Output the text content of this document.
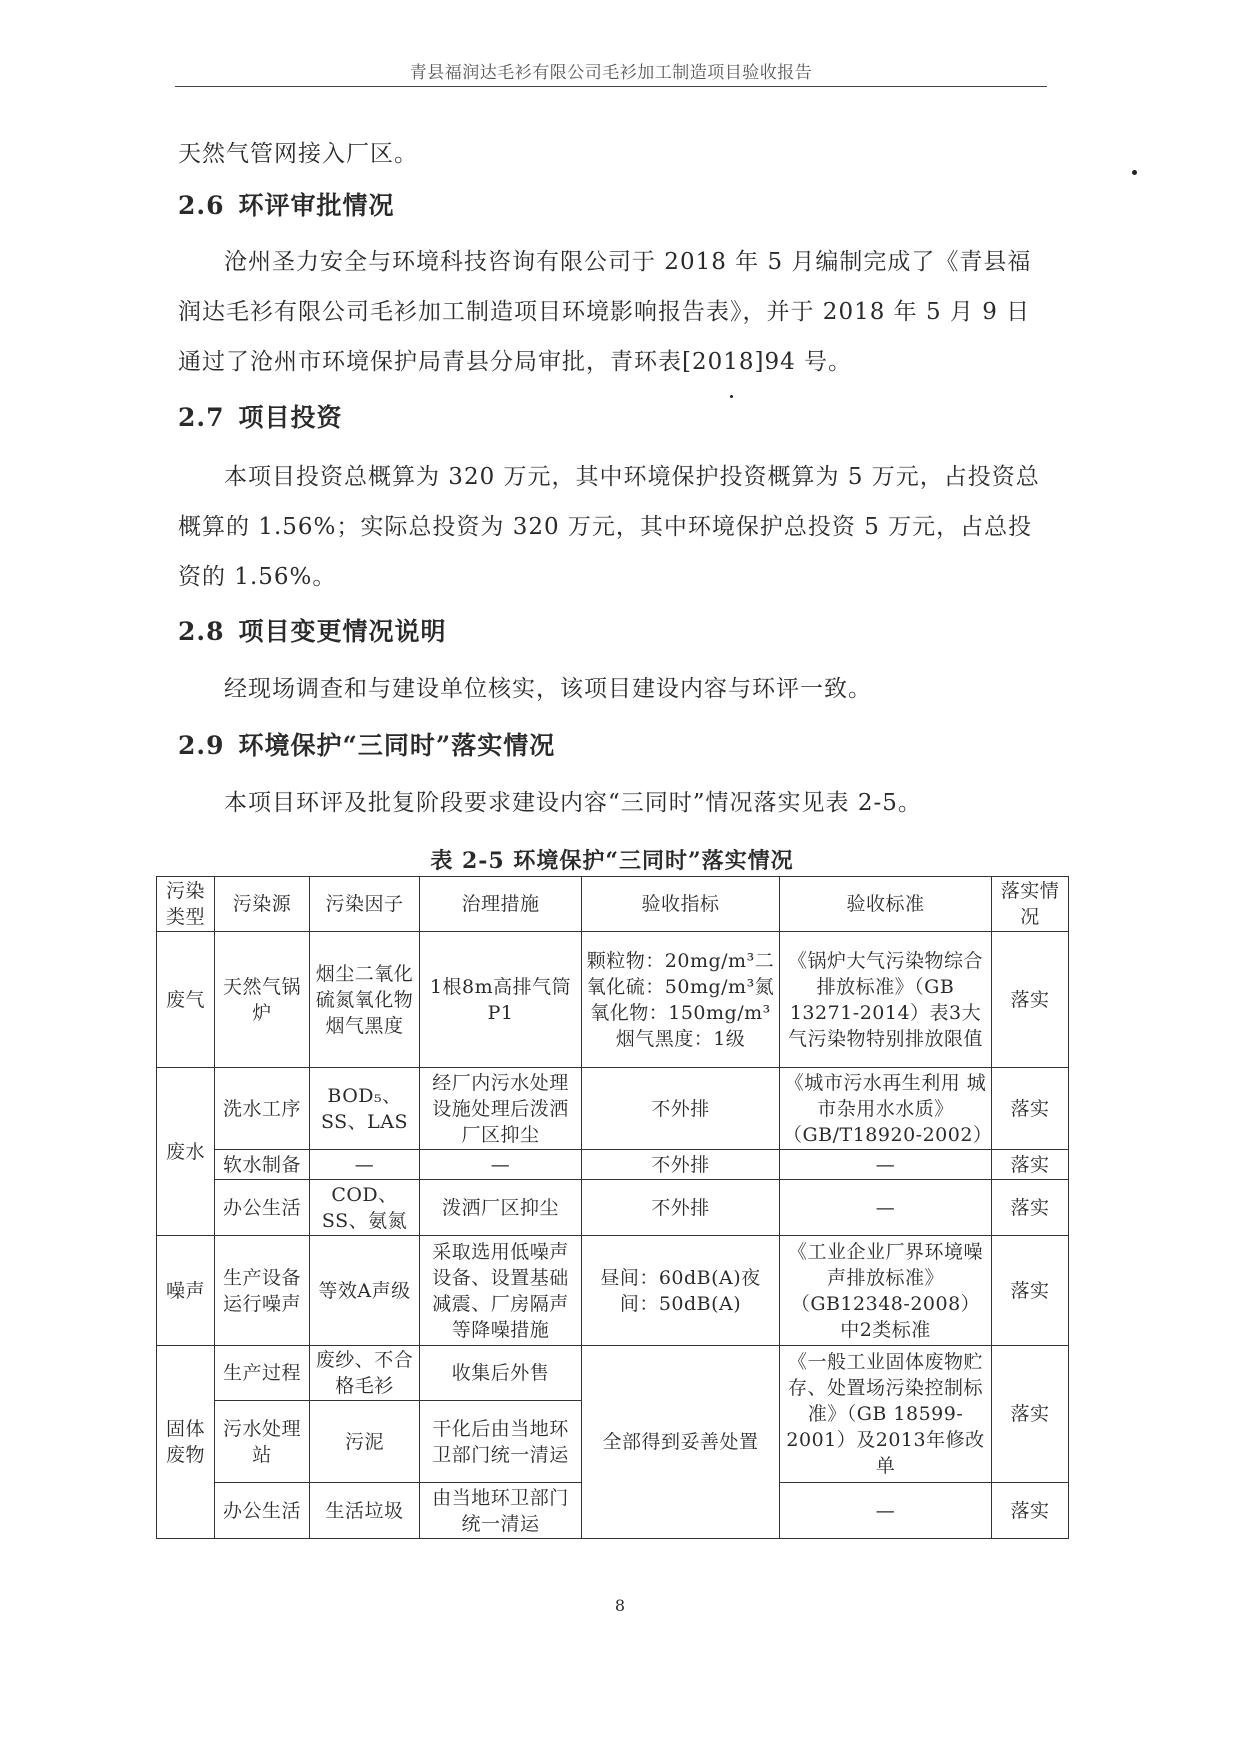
青县福润达毛衫有限公司毛衫加工制造项目验收报告

天然气管网接入厂区。

2.6 环评审批情况

沧州圣力安全与环境科技咨询有限公司于 2018 年 5 月编制完成了《青县福润达毛衫有限公司毛衫加工制造项目环境影响报告表》，并于 2018 年 5 月 9 日通过了沧州市环境保护局青县分局审批，青环表[2018]94 号。

2.7 项目投资

本项目投资总概算为 320 万元，其中环境保护投资概算为 5 万元，占投资总概算的 1.56%；实际总投资为 320 万元，其中环境保护总投资 5 万元，占总投资的 1.56%。

2.8 项目变更情况说明

经现场调查和与建设单位核实，该项目建设内容与环评一致。

2.9 环境保护“三同时”落实情况

本项目环评及批复阶段要求建设内容“三同时”情况落实见表 2-5。

表 2-5 环境保护“三同时”落实情况
污染类型	污染源	污染因子	治理措施	验收指标	验收标准	落实情况
废气	天然气锅炉	烟尘二氧化硫氮氧化物烟气黑度	1根8m高排气筒P1	颗粒物：20mg/m³二氧化硫：50mg/m³氮氧化物：150mg/m³烟气黑度：1级	《锅炉大气污染物综合排放标准》（GB 13271-2014）表3大气污染物特别排放限值	落实
废水	洗水工序	BOD₅、SS、LAS	经厂内污水处理设施处理后泼洒厂区抑尘	不外排	《城市污水再生利用 城市杂用水水质》（GB/T18920-2002）	落实
	软水制备	—	—	不外排	—	落实
	办公生活	COD、SS、氨氮	泼洒厂区抑尘	不外排	—	落实
噪声	生产设备运行噪声	等效A声级	采取选用低噪声设备、设置基础减震、厂房隔声等降噪措施	昼间：60dB(A)夜间：50dB(A)	《工业企业厂界环境噪声排放标准》（GB12348-2008）中2类标准	落实
固体废物	生产过程	废纱、不合格毛衫	收集后外售	全部得到妥善处置	《一般工业固体废物贮存、处置场污染控制标准》（GB 18599-2001）及2013年修改单	落实
	污水处理站	污泥	干化后由当地环卫部门统一清运			
	办公生活	生活垃圾	由当地环卫部门统一清运		—	落实
8
